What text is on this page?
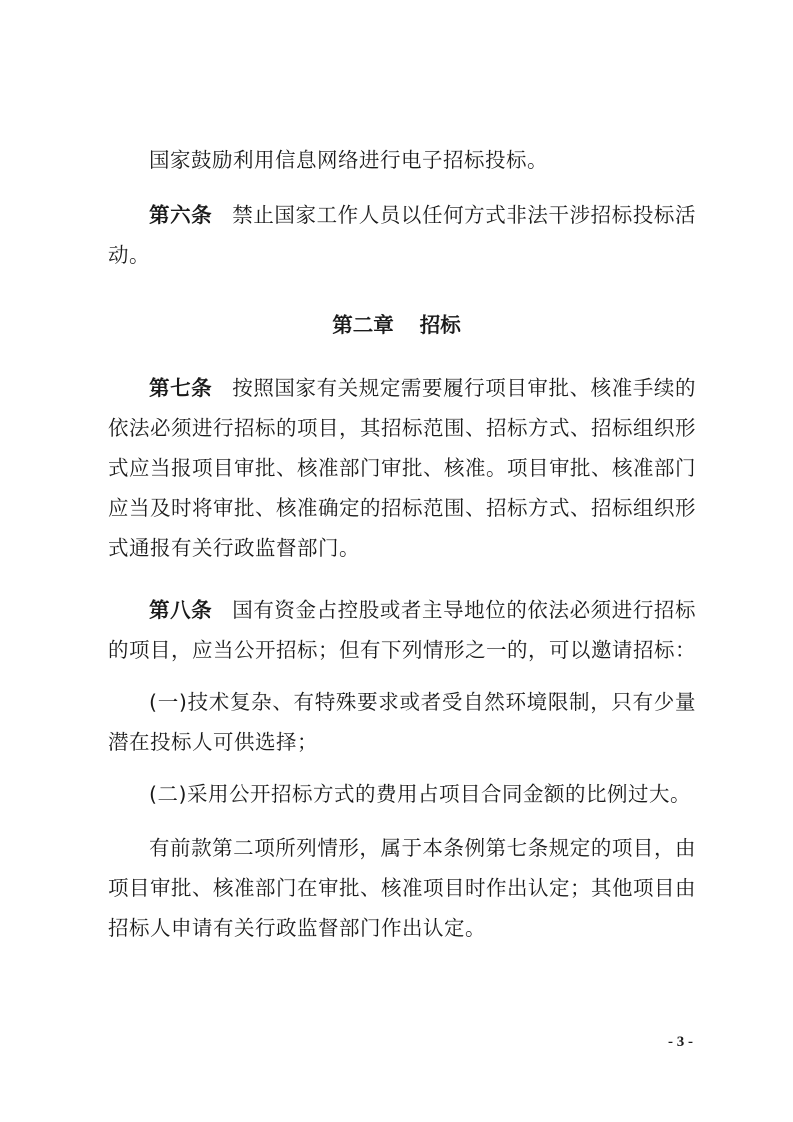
国家鼓励利用信息网络进行电子招标投标。

第六条 禁止国家工作人员以任何方式非法干涉招标投标活动。

第二章 招标

第七条 按照国家有关规定需要履行项目审批、核准手续的依法必须进行招标的项目，其招标范围、招标方式、招标组织形式应当报项目审批、核准部门审批、核准。项目审批、核准部门应当及时将审批、核准确定的招标范围、招标方式、招标组织形式通报有关行政监督部门。

第八条 国有资金占控股或者主导地位的依法必须进行招标的项目，应当公开招标；但有下列情形之一的，可以邀请招标：

(一)技术复杂、有特殊要求或者受自然环境限制，只有少量潜在投标人可供选择；

(二)采用公开招标方式的费用占项目合同金额的比例过大。

有前款第二项所列情形，属于本条例第七条规定的项目，由项目审批、核准部门在审批、核准项目时作出认定；其他项目由招标人申请有关行政监督部门作出认定。

- 3 -
